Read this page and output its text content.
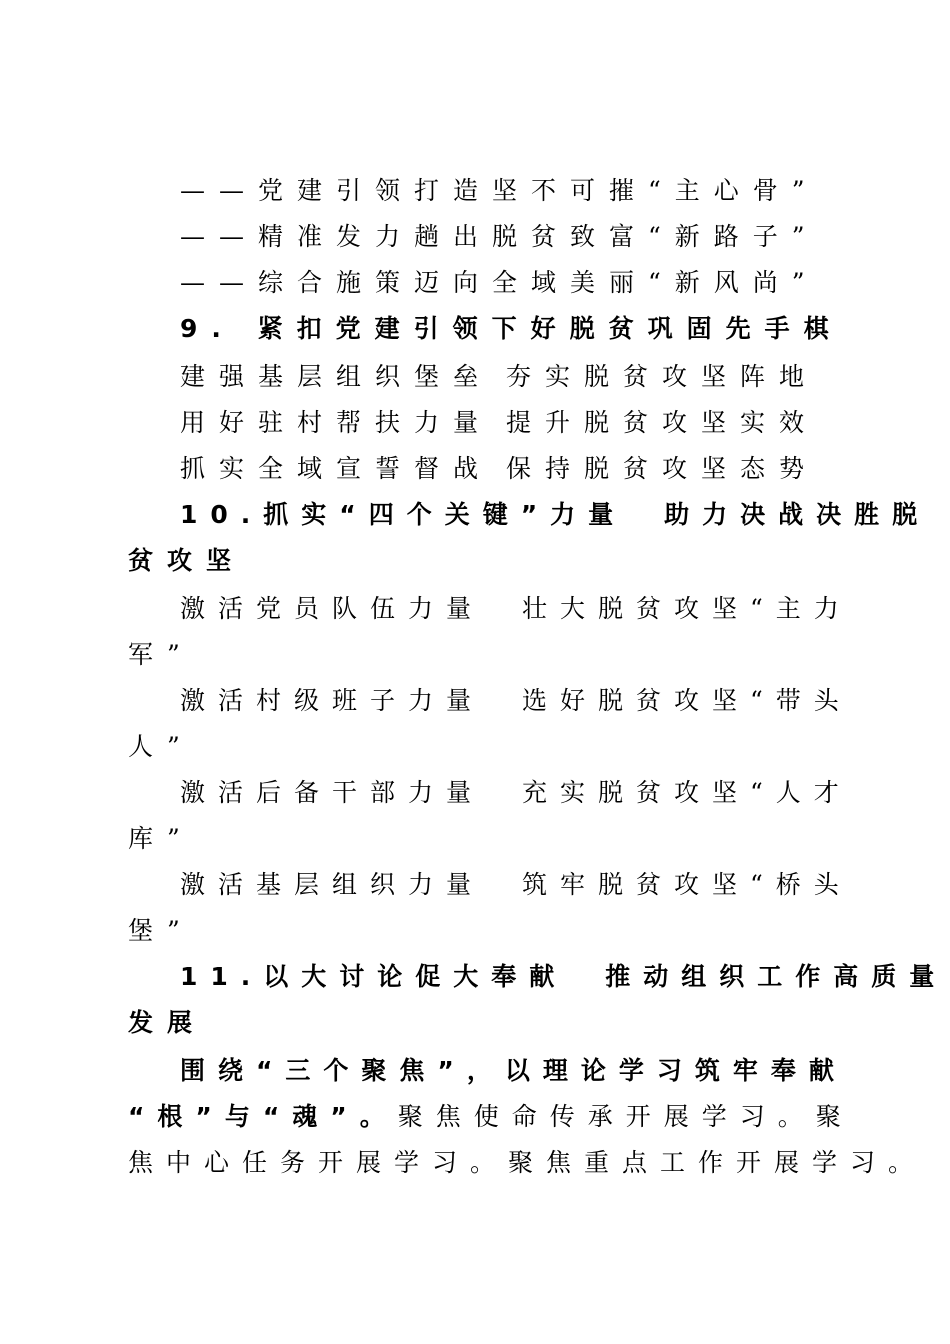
——党建引领打造坚不可摧“主心骨”
——精准发力趟出脱贫致富“新路子”
——综合施策迈向全域美丽“新风尚”
9. 紧扣党建引领下好脱贫巩固先手棋
建强基层组织堡垒 夯实脱贫攻坚阵地
用好驻村帮扶力量 提升脱贫攻坚实效
抓实全域宣誓督战 保持脱贫攻坚态势
10.抓实“四个关键”力量　助力决战决胜脱
贫攻坚
激活党员队伍力量　壮大脱贫攻坚“主力
军”
激活村级班子力量　选好脱贫攻坚“带头
人”
激活后备干部力量　充实脱贫攻坚“人才
库”
激活基层组织力量　筑牢脱贫攻坚“桥头
堡”
11.以大讨论促大奉献　推动组织工作高质量
发展
围绕“三个聚焦”，以理论学习筑牢奉献
“根”与“魂”。聚焦使命传承开展学习。聚
焦中心任务开展学习。聚焦重点工作开展学习。
